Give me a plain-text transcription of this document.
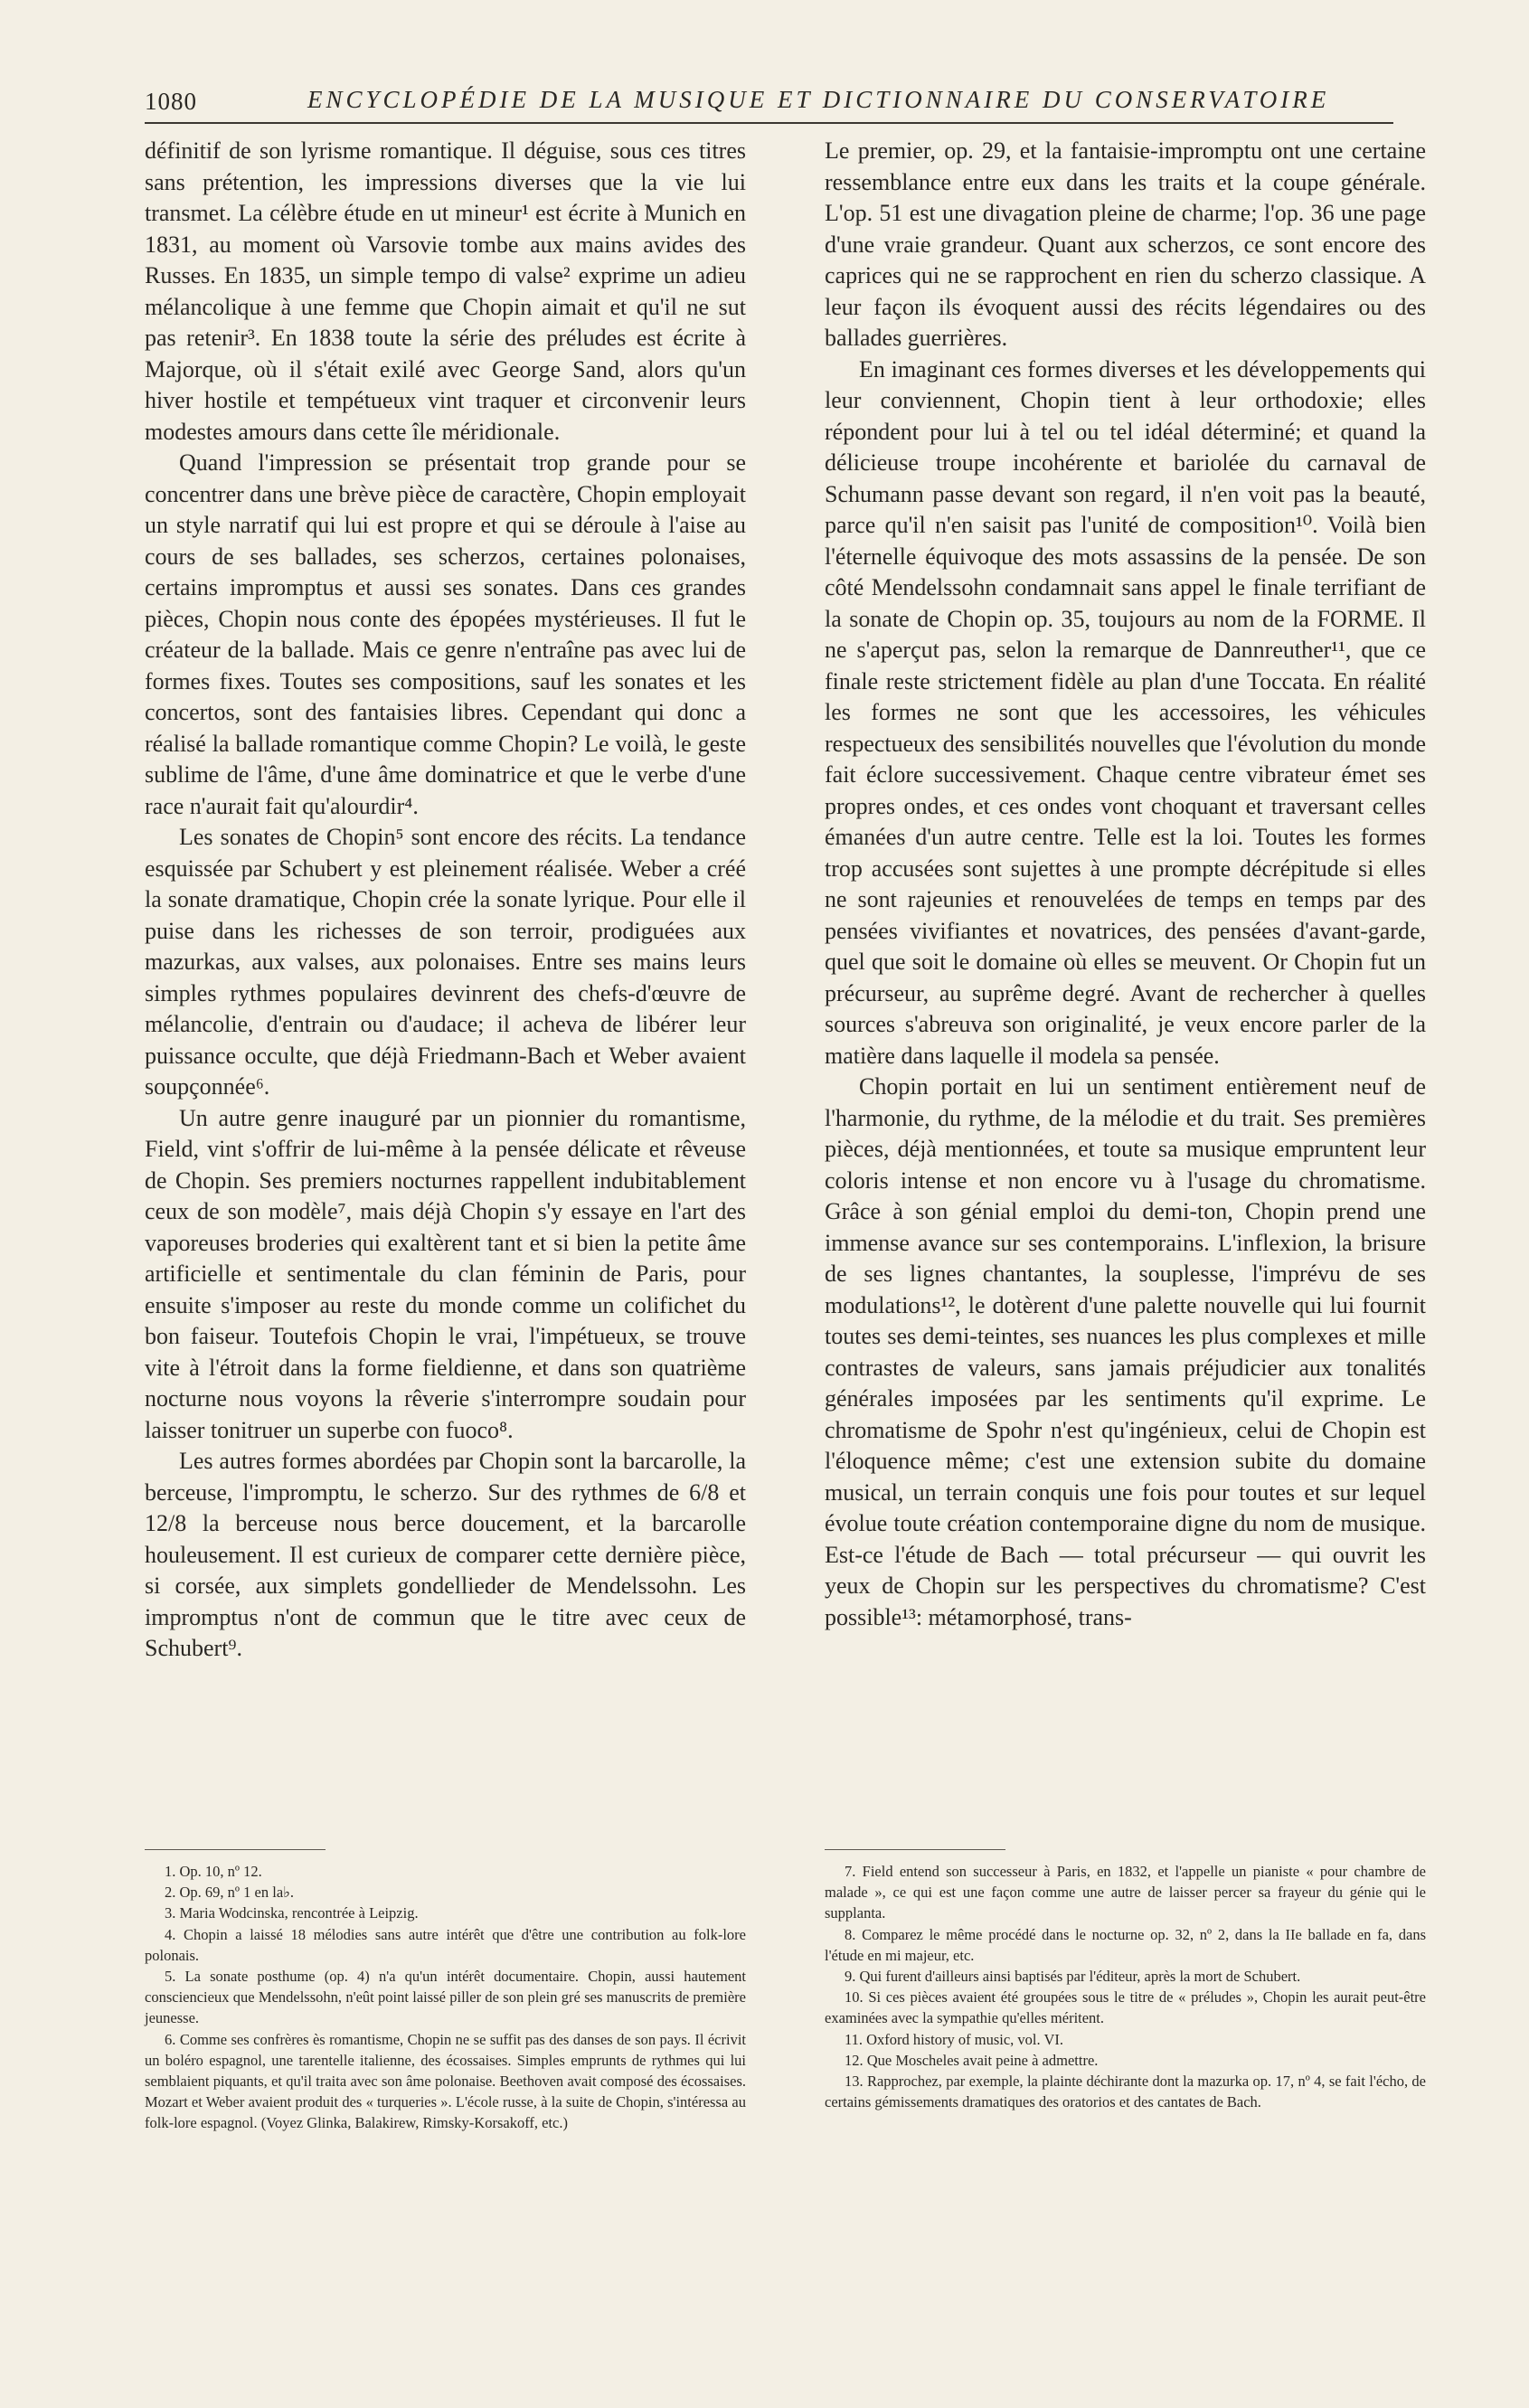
1080	ENCYCLOPÉDIE DE LA MUSIQUE ET DICTIONNAIRE DU CONSERVATOIRE

définitif de son lyrisme romantique. Il déguise, sous ces titres sans prétention, les impressions diverses que la vie lui transmet. La célèbre étude en ut mineur¹ est écrite à Munich en 1831, au moment où Varsovie tombe aux mains avides des Russes. En 1835, un simple tempo di valse² exprime un adieu mélancolique à une femme que Chopin aimait et qu'il ne sut pas retenir³. En 1838 toute la série des préludes est écrite à Majorque, où il s'était exilé avec George Sand, alors qu'un hiver hostile et tempétueux vint traquer et circonvenir leurs modestes amours dans cette île méridionale.

Quand l'impression se présentait trop grande pour se concentrer dans une brève pièce de caractère, Chopin employait un style narratif qui lui est propre et qui se déroule à l'aise au cours de ses ballades, ses scherzos, certaines polonaises, certains impromptus et aussi ses sonates. Dans ces grandes pièces, Chopin nous conte des épopées mystérieuses. Il fut le créateur de la ballade. Mais ce genre n'entraîne pas avec lui de formes fixes. Toutes ses compositions, sauf les sonates et les concertos, sont des fantaisies libres. Cependant qui donc a réalisé la ballade romantique comme Chopin? Le voilà, le geste sublime de l'âme, d'une âme dominatrice et que le verbe d'une race n'aurait fait qu'alourdir⁴.

Les sonates de Chopin⁵ sont encore des récits. La tendance esquissée par Schubert y est pleinement réalisée. Weber a créé la sonate dramatique, Chopin crée la sonate lyrique. Pour elle il puise dans les richesses de son terroir, prodiguées aux mazurkas, aux valses, aux polonaises. Entre ses mains leurs simples rythmes populaires devinrent des chefs-d'œuvre de mélancolie, d'entrain ou d'audace; il acheva de libérer leur puissance occulte, que déjà Friedmann-Bach et Weber avaient soupçonnée⁶.

Un autre genre inauguré par un pionnier du romantisme, Field, vint s'offrir de lui-même à la pensée délicate et rêveuse de Chopin. Ses premiers nocturnes rappellent indubitablement ceux de son modèle⁷, mais déjà Chopin s'y essaye en l'art des vaporeuses broderies qui exaltèrent tant et si bien la petite âme artificielle et sentimentale du clan féminin de Paris, pour ensuite s'imposer au reste du monde comme un colifichet du bon faiseur. Toutefois Chopin le vrai, l'impétueux, se trouve vite à l'étroit dans la forme fieldienne, et dans son quatrième nocturne nous voyons la rêverie s'interrompre soudain pour laisser tonitruer un superbe con fuoco⁸.

Les autres formes abordées par Chopin sont la barcarolle, la berceuse, l'impromptu, le scherzo. Sur des rythmes de 6/8 et 12/8 la berceuse nous berce doucement, et la barcarolle houleusement. Il est curieux de comparer cette dernière pièce, si corsée, aux simplets gondellieder de Mendelssohn. Les impromptus n'ont de commun que le titre avec ceux de Schubert⁹.

Le premier, op. 29, et la fantaisie-impromptu ont une certaine ressemblance entre eux dans les traits et la coupe générale. L'op. 51 est une divagation pleine de charme; l'op. 36 une page d'une vraie grandeur. Quant aux scherzos, ce sont encore des caprices qui ne se rapprochent en rien du scherzo classique. A leur façon ils évoquent aussi des récits légendaires ou des ballades guerrières.

En imaginant ces formes diverses et les développements qui leur conviennent, Chopin tient à leur orthodoxie; elles répondent pour lui à tel ou tel idéal déterminé; et quand la délicieuse troupe incohérente et bariolée du carnaval de Schumann passe devant son regard, il n'en voit pas la beauté, parce qu'il n'en saisit pas l'unité de composition¹⁰. Voilà bien l'éternelle équivoque des mots assassins de la pensée. De son côté Mendelssohn condamnait sans appel le finale terrifiant de la sonate de Chopin op. 35, toujours au nom de la FORME. Il ne s'aperçut pas, selon la remarque de Dannreuther¹¹, que ce finale reste strictement fidèle au plan d'une Toccata. En réalité les formes ne sont que les accessoires, les véhicules respectueux des sensibilités nouvelles que l'évolution du monde fait éclore successivement. Chaque centre vibrateur émet ses propres ondes, et ces ondes vont choquant et traversant celles émanées d'un autre centre. Telle est la loi. Toutes les formes trop accusées sont sujettes à une prompte décrépitude si elles ne sont rajeunies et renouvelées de temps en temps par des pensées vivifiantes et novatrices, des pensées d'avant-garde, quel que soit le domaine où elles se meuvent. Or Chopin fut un précurseur, au suprême degré. Avant de rechercher à quelles sources s'abreuva son originalité, je veux encore parler de la matière dans laquelle il modela sa pensée.

Chopin portait en lui un sentiment entièrement neuf de l'harmonie, du rythme, de la mélodie et du trait. Ses premières pièces, déjà mentionnées, et toute sa musique empruntent leur coloris intense et non encore vu à l'usage du chromatisme. Grâce à son génial emploi du demi-ton, Chopin prend une immense avance sur ses contemporains. L'inflexion, la brisure de ses lignes chantantes, la souplesse, l'imprévu de ses modulations¹², le dotèrent d'une palette nouvelle qui lui fournit toutes ses demi-teintes, ses nuances les plus complexes et mille contrastes de valeurs, sans jamais préjudicier aux tonalités générales imposées par les sentiments qu'il exprime. Le chromatisme de Spohr n'est qu'ingénieux, celui de Chopin est l'éloquence même; c'est une extension subite du domaine musical, un terrain conquis une fois pour toutes et sur lequel évolue toute création contemporaine digne du nom de musique. Est-ce l'étude de Bach — total précurseur — qui ouvrit les yeux de Chopin sur les perspectives du chromatisme? C'est possible¹³: métamorphosé, trans-

1. Op. 10, nº 12.

2. Op. 69, nº 1 en la♭.

3. Maria Wodcinska, rencontrée à Leipzig.

4. Chopin a laissé 18 mélodies sans autre intérêt que d'être une contribution au folk-lore polonais.

5. La sonate posthume (op. 4) n'a qu'un intérêt documentaire. Chopin, aussi hautement consciencieux que Mendelssohn, n'eût point laissé piller de son plein gré ses manuscrits de première jeunesse.

6. Comme ses confrères ès romantisme, Chopin ne se suffit pas des danses de son pays. Il écrivit un boléro espagnol, une tarentelle italienne, des écossaises. Simples emprunts de rythmes qui lui semblaient piquants, et qu'il traita avec son âme polonaise. Beethoven avait composé des écossaises. Mozart et Weber avaient produit des « turqueries ». L'école russe, à la suite de Chopin, s'intéressa au folk-lore espagnol. (Voyez Glinka, Balakirew, Rimsky-Korsakoff, etc.)

7. Field entend son successeur à Paris, en 1832, et l'appelle un pianiste « pour chambre de malade », ce qui est une façon comme une autre de laisser percer sa frayeur du génie qui le supplanta.

8. Comparez le même procédé dans le nocturne op. 32, nº 2, dans la IIe ballade en fa, dans l'étude en mi majeur, etc.

9. Qui furent d'ailleurs ainsi baptisés par l'éditeur, après la mort de Schubert.

10. Si ces pièces avaient été groupées sous le titre de « préludes », Chopin les aurait peut-être examinées avec la sympathie qu'elles méritent.

11. Oxford history of music, vol. VI.

12. Que Moscheles avait peine à admettre.

13. Rapprochez, par exemple, la plainte déchirante dont la mazurka op. 17, nº 4, se fait l'écho, de certains gémissements dramatiques des oratorios et des cantates de Bach.
